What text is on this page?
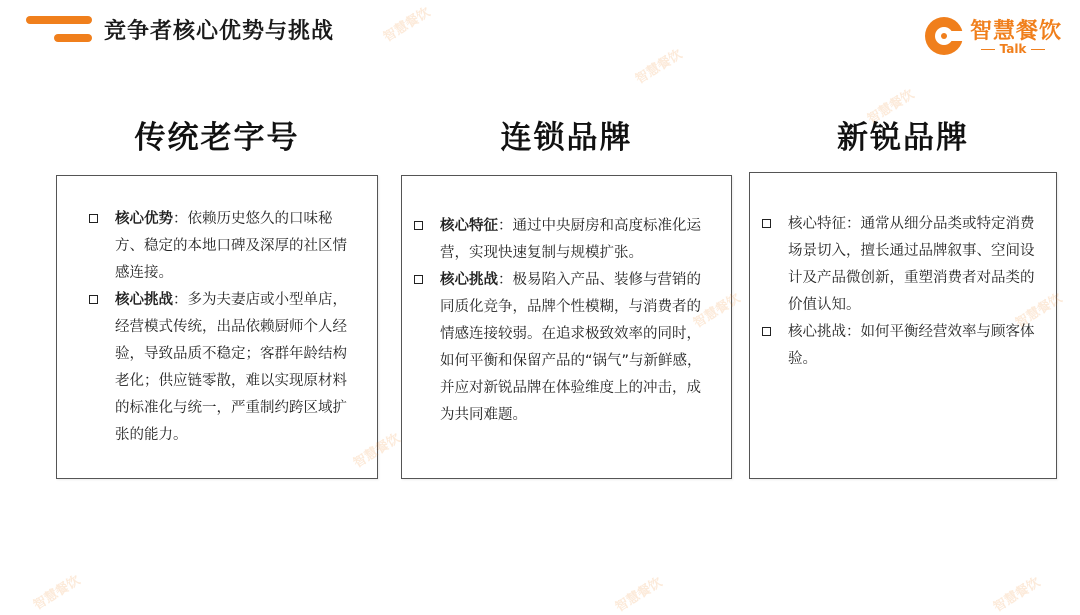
竞争者核心优势与挑战	智慧餐饮
Talk
传统老字号
核心优势：依赖历史悠久的口味秘方、稳定的本地口碑及深厚的社区情感连接。
核心挑战：多为夫妻店或小型单店，经营模式传统，出品依赖厨师个人经验，导致品质不稳定；客群年龄结构老化；供应链零散，难以实现原材料的标准化与统一，严重制约跨区域扩张的能力。
连锁品牌
核心特征：通过中央厨房和高度标准化运营，实现快速复制与规模扩张。
核心挑战：极易陷入产品、装修与营销的同质化竞争，品牌个性模糊，与消费者的情感连接较弱。在追求极致效率的同时，如何平衡和保留产品的“锅气”与新鲜感，并应对新锐品牌在体验维度上的冲击，成为共同难题。
新锐品牌
核心特征：通常从细分品类或特定消费场景切入，擅长通过品牌叙事、空间设计及产品微创新，重塑消费者对品类的价值认知。
核心挑战：如何平衡经营效率与顾客体验。
智慧餐饮
智慧餐饮
智慧餐饮
智慧餐饮	智慧餐饮	智慧餐饮
